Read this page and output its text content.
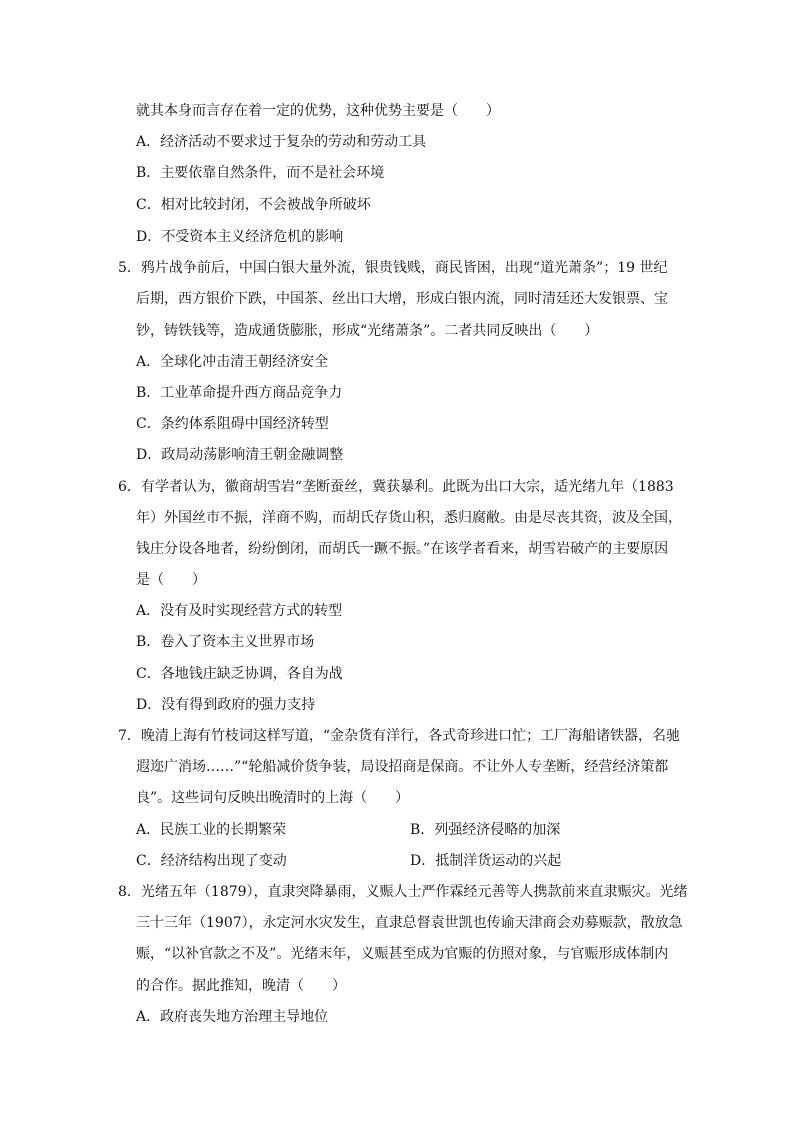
就其本身而言存在着一定的优势，这种优势主要是（　　）
A．经济活动不要求过于复杂的劳动和劳动工具
B．主要依靠自然条件，而不是社会环境
C．相对比较封闭，不会被战争所破坏
D．不受资本主义经济危机的影响
5．鸦片战争前后，中国白银大量外流，银贵钱贱，商民皆困，出现“道光萧条”；19 世纪
后期，西方银价下跌，中国茶、丝出口大增，形成白银内流，同时清廷还大发银票、宝
钞，铸铁钱等，造成通货膨胀，形成“光绪萧条”。二者共同反映出（　　）
A．全球化冲击清王朝经济安全
B．工业革命提升西方商品竞争力
C．条约体系阻碍中国经济转型
D．政局动荡影响清王朝金融调整
6．有学者认为，徽商胡雪岩“垄断蚕丝，冀获暴利。此既为出口大宗，适光绪九年（1883
年）外国丝市不振，洋商不购，而胡氏存货山积，悉归腐敝。由是尽丧其资，波及全国，
钱庄分设各地者，纷纷倒闭，而胡氏一蹶不振。”在该学者看来，胡雪岩破产的主要原因
是（　　）
A．没有及时实现经营方式的转型
B．卷入了资本主义世界市场
C．各地钱庄缺乏协调，各自为战
D．没有得到政府的强力支持
7．晚清上海有竹枝词这样写道，“金杂货有洋行，各式奇珍进口忙；工厂海船诸铁器，名驰
遐迩广消场……”“轮船减价货争装，局设招商是保商。不让外人专垄断，经营经济策都
良”。这些词句反映出晚清时的上海（　　）
A．民族工业的长期繁荣	B．列强经济侵略的加深
C．经济结构出现了变动	D．抵制洋货运动的兴起
8．光绪五年（1879），直隶突降暴雨，义赈人士严作霖经元善等人携款前来直隶赈灾。光绪
三十三年（1907），永定河水灾发生，直隶总督袁世凯也传谕天津商会劝募赈款，散放急
赈，“以补官款之不及”。光绪末年，义赈甚至成为官赈的仿照对象，与官赈形成体制内
的合作。据此推知，晚清（　　）
A．政府丧失地方治理主导地位
